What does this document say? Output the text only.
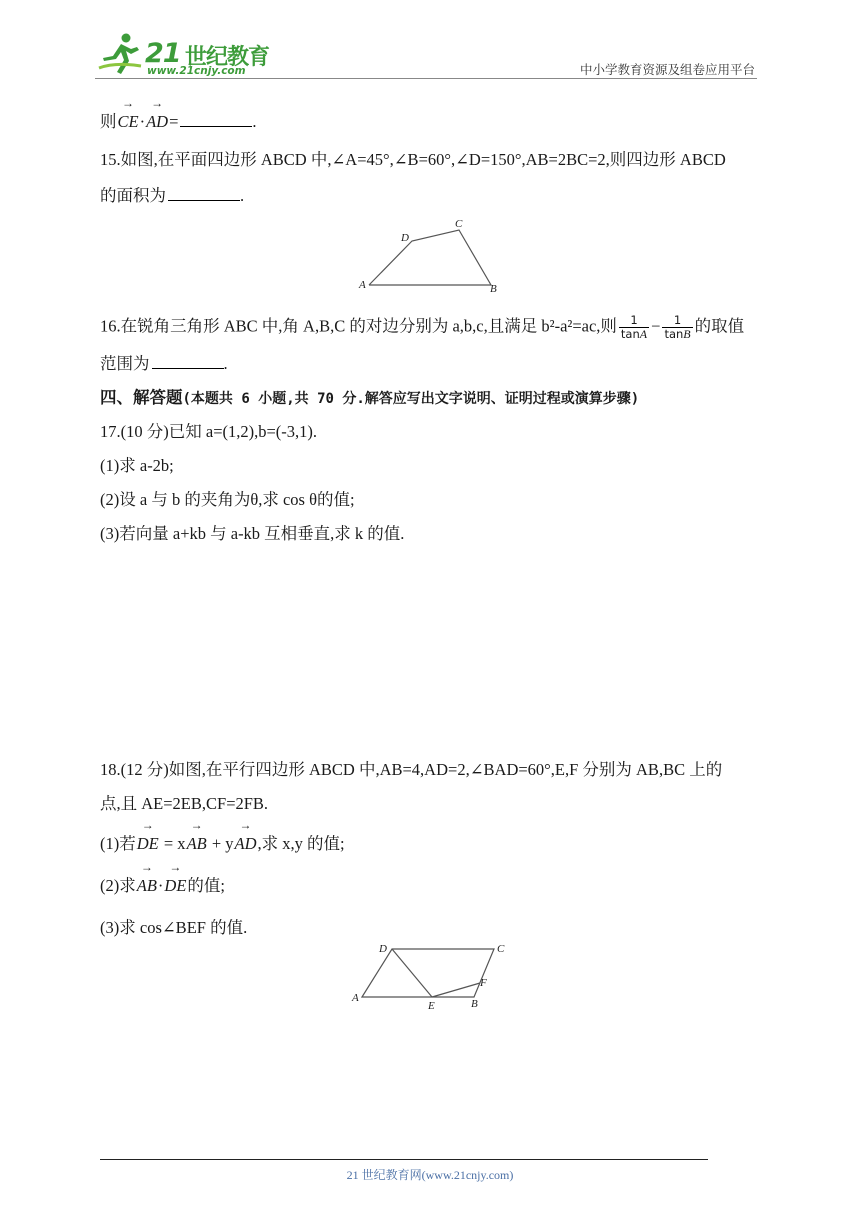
21 世纪教育
www.21cnjy.com	中小学教育资源及组卷应用平台
则→ CE·→ AD=	.
15.如图,在平面四边形 ABCD 中,∠A=45°,∠B=60°,∠D=150°,AB=2BC=2,则四边形 ABCD
的面积为	.
A
D
C
B
16.在锐角三角形 ABC 中,角 A,B,C 的对边分别为 a,b,c,且满足 b²-a²=ac,则 $\frac{1}{\tan A} - \frac{1}{\tan B}$ 的取值
范围为	.
四、解答题(本题共 6 小题,共 70 分.解答应写出文字说明、证明过程或演算步骤)
17.(10 分)已知 a=(1,2),b=(-3,1).
(1)求 a-2b;
(2)设 a 与 b 的夹角为θ,求 cos θ的值;
(3)若向量 a+kb 与 a-kb 互相垂直,求 k 的值.
18.(12 分)如图,在平行四边形 ABCD 中,AB=4,AD=2,∠BAD=60°,E,F 分别为 AB,BC 上的
点,且 AE=2EB,CF=2FB.
(1)若→ DE = x→ AB + y→ AD,求 x,y 的值;
(2)求→ AB·→ DE的值;
(3)求 cos∠BEF 的值.
A
D	C
F
B
E
21 世纪教育网(www.21cnjy.com)
